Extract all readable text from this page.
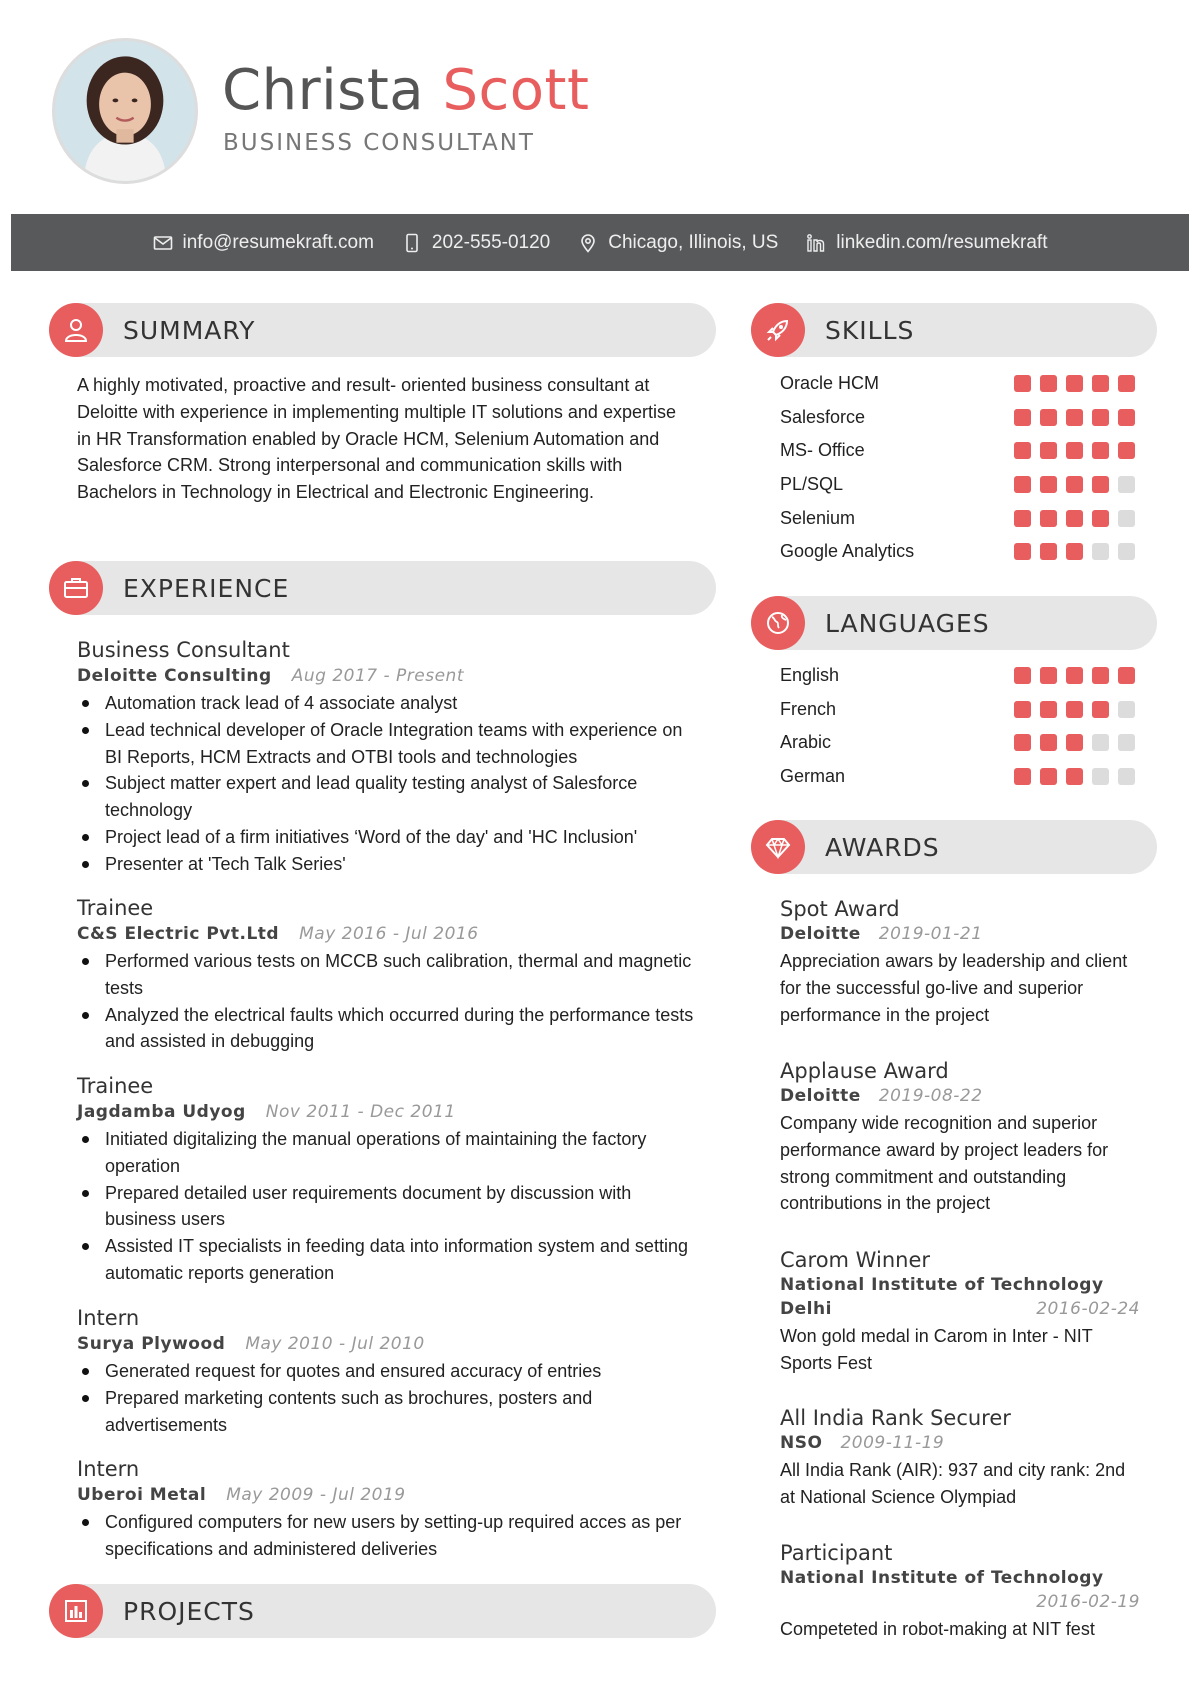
Christa Scott
BUSINESS CONSULTANT
info@resumekraft.com	202-555-0120	Chicago, Illinois, US	linkedin.com/resumekraft
SUMMARY
A highly motivated, proactive and result- oriented business consultant at Deloitte with experience in implementing multiple IT solutions and expertise in HR Transformation enabled by Oracle HCM, Selenium Automation and Salesforce CRM. Strong interpersonal and communication skills with Bachelors in Technology in Electrical and Electronic Engineering.
EXPERIENCE
Business Consultant
Deloitte Consulting Aug 2017 - Present
Automation track lead of 4 associate analyst
Lead technical developer of Oracle Integration teams with experience on BI Reports, HCM Extracts and OTBI tools and technologies
Subject matter expert and lead quality testing analyst of Salesforce technology
Project lead of a firm initiatives ‘Word of the day' and 'HC Inclusion'
Presenter at 'Tech Talk Series'
Trainee
C&S Electric Pvt.Ltd May 2016 - Jul 2016
Performed various tests on MCCB such calibration, thermal and magnetic tests
Analyzed the electrical faults which occurred during the performance tests and assisted in debugging
Trainee
Jagdamba Udyog Nov 2011 - Dec 2011
Initiated digitalizing the manual operations of maintaining the factory operation
Prepared detailed user requirements document by discussion with business users
Assisted IT specialists in feeding data into information system and setting automatic reports generation
Intern
Surya Plywood May 2010 - Jul 2010
Generated request for quotes and ensured accuracy of entries
Prepared marketing contents such as brochures, posters and advertisements
Intern
Uberoi Metal May 2009 - Jul 2019
Configured computers for new users by setting-up required acces as per specifications and administered deliveries
PROJECTS
SKILLS
Oracle HCM
Salesforce
MS- Office
PL/SQL
Selenium
Google Analytics
LANGUAGES
English
French
Arabic
German
AWARDS
Spot Award
Deloitte 2019-01-21
Appreciation awars by leadership and client for the successful go-live and superior performance in the project
Applause Award
Deloitte 2019-08-22
Company wide recognition and superior performance award by project leaders for strong commitment and outstanding contributions in the project
Carom Winner
National Institute of Technology
Delhi	2016-02-24
Won gold medal in Carom in Inter - NIT Sports Fest
All India Rank Securer
NSO 2009-11-19
All India Rank (AIR): 937 and city rank: 2nd at National Science Olympiad
Participant
National Institute of Technology
2016-02-19
Competeted in robot-making at NIT fest
